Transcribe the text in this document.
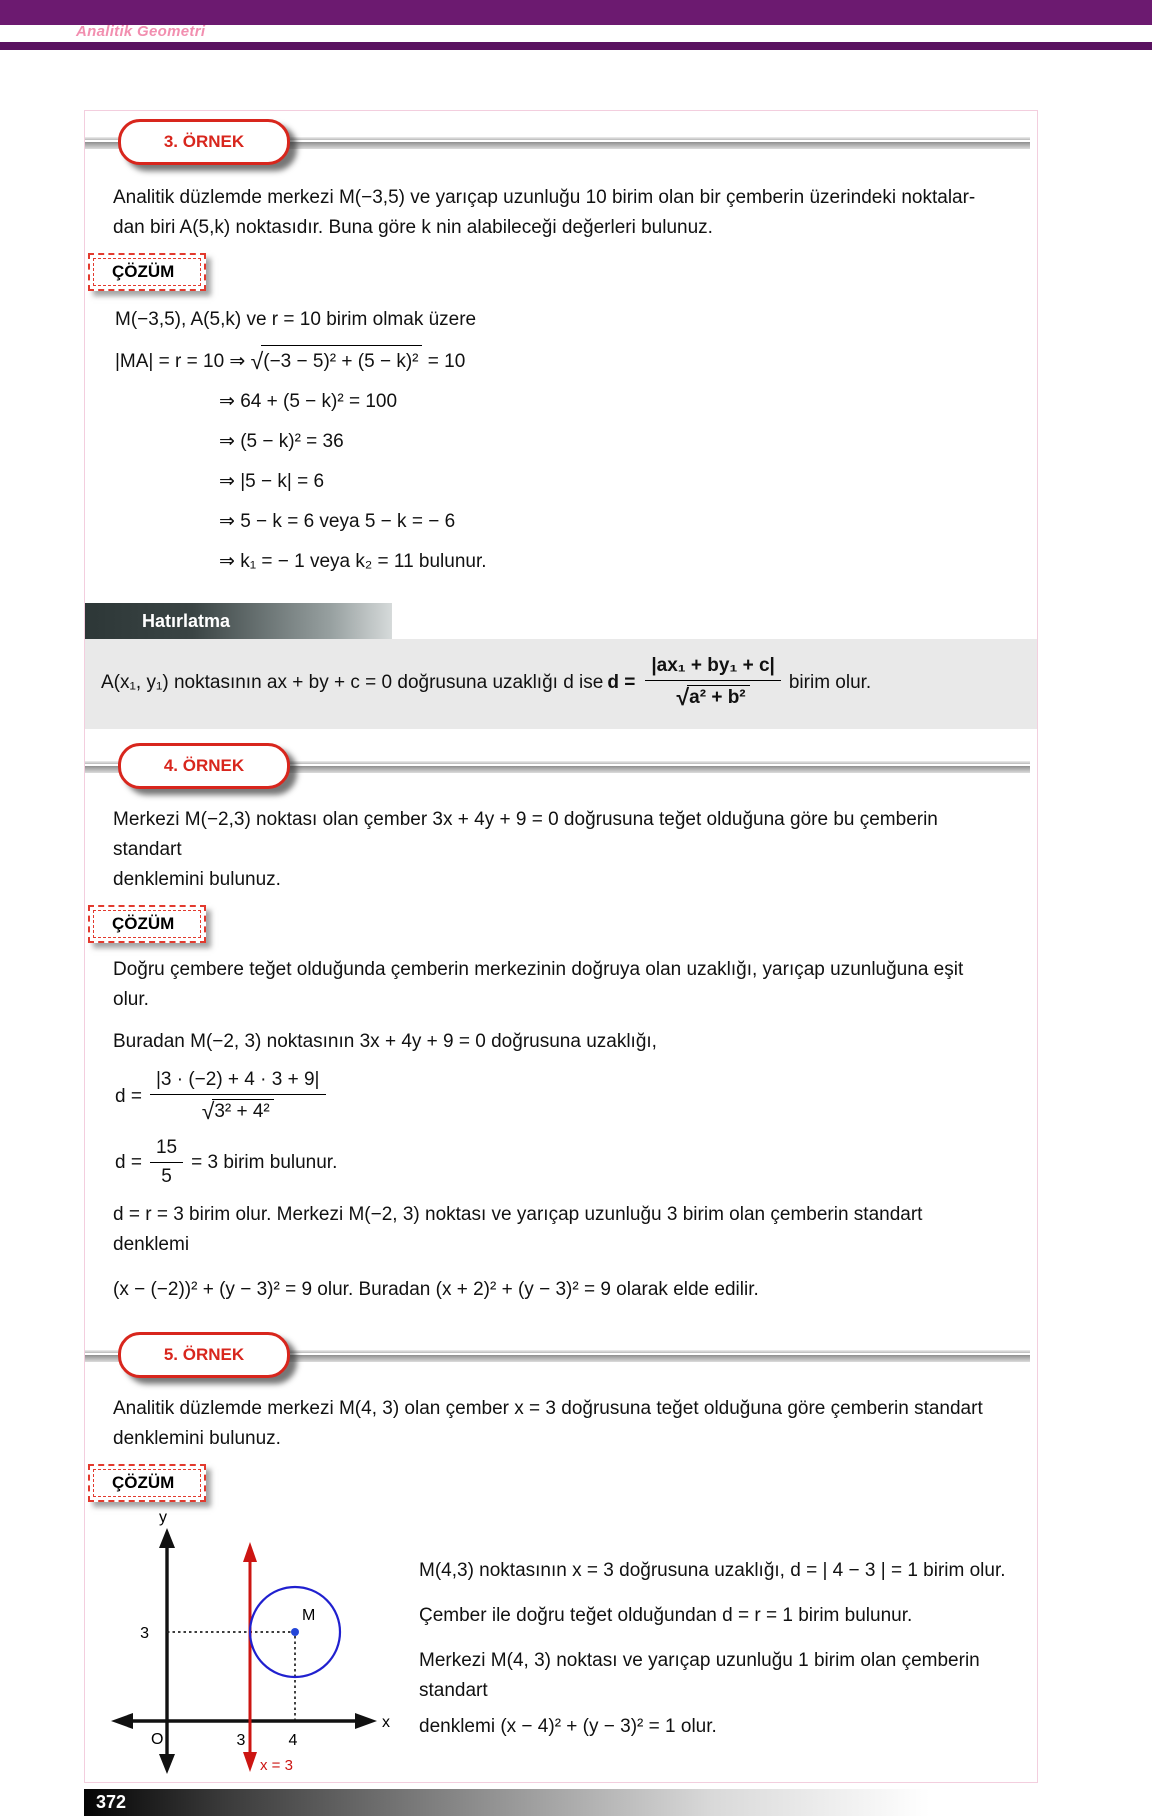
Analitik Geometri
3. ÖRNEK
Analitik düzlemde merkezi M(−3,5) ve yarıçap uzunluğu 10 birim olan bir çemberin üzerindeki noktalar-
dan biri A(5,k) noktasıdır. Buna göre k nin alabileceği değerleri bulunuz.
ÇÖZÜM
M(−3,5), A(5,k) ve r = 10 birim olmak üzere
|MA| = r = 10 ⇒ √(−3 − 5)² + (5 − k)² = 10
⇒ 64 + (5 − k)² = 100
⇒ (5 − k)² = 36
⇒ |5 − k| = 6
⇒ 5 − k = 6 veya 5 − k = − 6
⇒ k₁ = − 1 veya k₂ = 11 bulunur.
Hatırlatma
A(x₁, y₁) noktasının ax + by + c = 0 doğrusuna uzaklığı d ise $d = \frac{\text{|ax₁ + by₁ + c|}}{\text{√a² + b²}}$ birim olur.
4. ÖRNEK
Merkezi M(−2,3) noktası olan çember 3x + 4y + 9 = 0 doğrusuna teğet olduğuna göre bu çemberin standart
denklemini bulunuz.
ÇÖZÜM
Doğru çembere teğet olduğunda çemberin merkezinin doğruya olan uzaklığı, yarıçap uzunluğuna eşit olur.
Buradan M(−2, 3) noktasının 3x + 4y + 9 = 0 doğrusuna uzaklığı,
$d = \frac{|3 \cdot (-2) + 4 \cdot 3 + 9|}{\text{√3² + 4²}}$
$d = \frac{15}{5} = 3$ birim bulunur.
d = r = 3 birim olur. Merkezi M(−2, 3) noktası ve yarıçap uzunluğu 3 birim olan çemberin standart denklemi
(x − (−2))² + (y − 3)² = 9 olur. Buradan (x + 2)² + (y − 3)² = 9 olarak elde edilir.
5. ÖRNEK
Analitik düzlemde merkezi M(4, 3) olan çember x = 3 doğrusuna teğet olduğuna göre çemberin standart
denklemini bulunuz.
ÇÖZÜM
y
x
O
x = 3
M
3
3	4

M(4,3) noktasının x = 3 doğrusuna uzaklığı, d = | 4 − 3 | = 1 birim olur.

Çember ile doğru teğet olduğundan d = r = 1 birim bulunur.

Merkezi M(4, 3) noktası ve yarıçap uzunluğu 1 birim olan çemberin standart

denklemi (x − 4)² + (y − 3)² = 1 olur.

372
